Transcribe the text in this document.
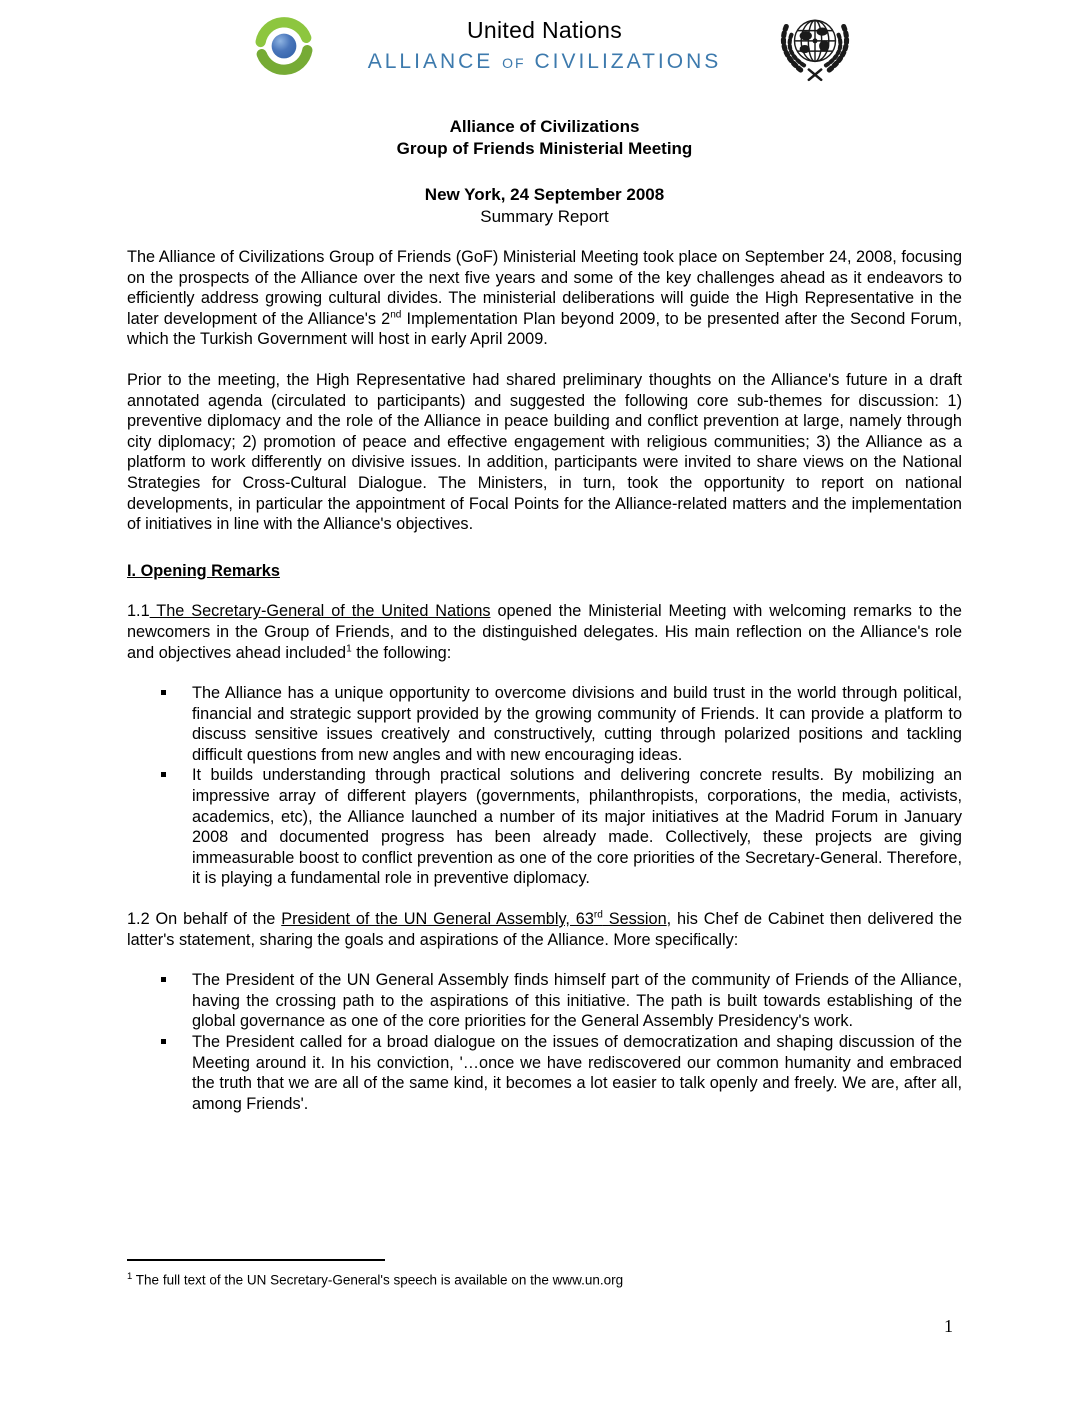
United Nations
ALLIANCE OF CIVILIZATIONS
Alliance of Civilizations
Group of Friends Ministerial Meeting
New York, 24 September 2008
Summary Report

The Alliance of Civilizations Group of Friends (GoF) Ministerial Meeting took place on September 24, 2008, focusing on the prospects of the Alliance over the next five years and some of the key challenges ahead as it endeavors to efficiently address growing cultural divides. The ministerial deliberations will guide the High Representative in the later development of the Alliance's 2nd Implementation Plan beyond 2009, to be presented after the Second Forum, which the Turkish Government will host in early April 2009.

Prior to the meeting, the High Representative had shared preliminary thoughts on the Alliance's future in a draft annotated agenda (circulated to participants) and suggested the following core sub-themes for discussion: 1) preventive diplomacy and the role of the Alliance in peace building and conflict prevention at large, namely through city diplomacy; 2) promotion of peace and effective engagement with religious communities; 3) the Alliance as a platform to work differently on divisive issues. In addition, participants were invited to share views on the National Strategies for Cross-Cultural Dialogue. The Ministers, in turn, took the opportunity to report on national developments, in particular the appointment of Focal Points for the Alliance-related matters and the implementation of initiatives in line with the Alliance's objectives.

I. Opening Remarks

1.1 The Secretary-General of the United Nations opened the Ministerial Meeting with welcoming remarks to the newcomers in the Group of Friends, and to the distinguished delegates. His main reflection on the Alliance's role and objectives ahead included$^1$ the following:

The Alliance has a unique opportunity to overcome divisions and build trust in the world through political, financial and strategic support provided by the growing community of Friends. It can provide a platform to discuss sensitive issues creatively and constructively, cutting through polarized positions and tackling difficult questions from new angles and with new encouraging ideas.
It builds understanding through practical solutions and delivering concrete results. By mobilizing an impressive array of different players (governments, philanthropists, corporations, the media, activists, academics, etc), the Alliance launched a number of its major initiatives at the Madrid Forum in January 2008 and documented progress has been already made. Collectively, these projects are giving immeasurable boost to conflict prevention as one of the core priorities of the Secretary-General. Therefore, it is playing a fundamental role in preventive diplomacy.

1.2 On behalf of the President of the UN General Assembly, 63rd Session, his Chef de Cabinet then delivered the latter's statement, sharing the goals and aspirations of the Alliance. More specifically:

The President of the UN General Assembly finds himself part of the community of Friends of the Alliance, having the crossing path to the aspirations of this initiative. The path is built towards establishing of the global governance as one of the core priorities for the General Assembly Presidency's work.
The President called for a broad dialogue on the issues of democratization and shaping discussion of the Meeting around it. In his conviction, '…once we have rediscovered our common humanity and embraced the truth that we are all of the same kind, it becomes a lot easier to talk openly and freely. We are, after all, among Friends'.
$^1$ The full text of the UN Secretary-General's speech is available on the www.un.org
1
